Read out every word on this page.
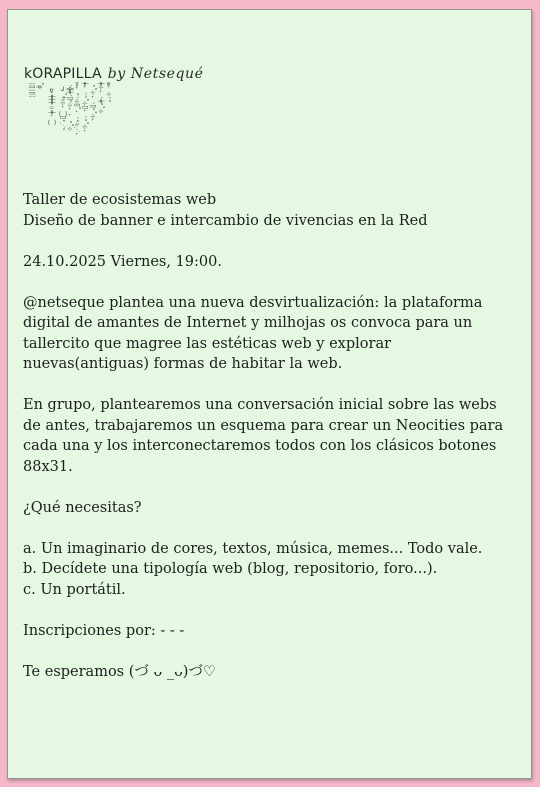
kORAPILLA by Netsequé
╎⌷╎⌷╎ ˚ǫ
ᕓ╪╪╪▭╪ᐩ⁐ ᒍ˚ᶲ≀⊹ᐩ⁐⌷ᶦ⋰ᵒ ᶥ╬╪ᶥ⌷ᵒ⊹ᐩᐪᵒ˚⊹ ⦙≈ᐩᵒᶥ⊹⌷˚ᐩᶥᵒ⊹⋰ᐩ ╪ᐩᶥᵒ˚⊹⌷ᐩᶥᵒ˚⊹ᐩ ᵒ˚⊹ᐩᶥ⌷ᵒ˚⊹ᐩ ╪⊹ᐩᶥ╪ᵒ˚⊹ ≡ᐩ⊹ᶥᵒ

Taller de ecosistemas web
Diseño de banner e intercambio de vivencias en la Red

24.10.2025 Viernes, 19:00.

@netseque plantea una nueva desvirtualización: la plataforma digital de amantes de Internet y milhojas os convoca para un tallercito que magree las estéticas web y explorar nuevas(antiguas) formas de habitar la web.

En grupo, plantearemos una conversación inicial sobre las webs de antes, trabajaremos un esquema para crear un Neocities para cada una y los interconectaremos todos con los clásicos botones 88x31.

¿Qué necesitas?

a. Un imaginario de cores, textos, música, memes... Todo vale.
b. Decídete una tipología web (blog, repositorio, foro...).
c. Un portátil.

Inscripciones por: - - -

Te esperamos (づ ᴗ _ᴗ)づ♡
